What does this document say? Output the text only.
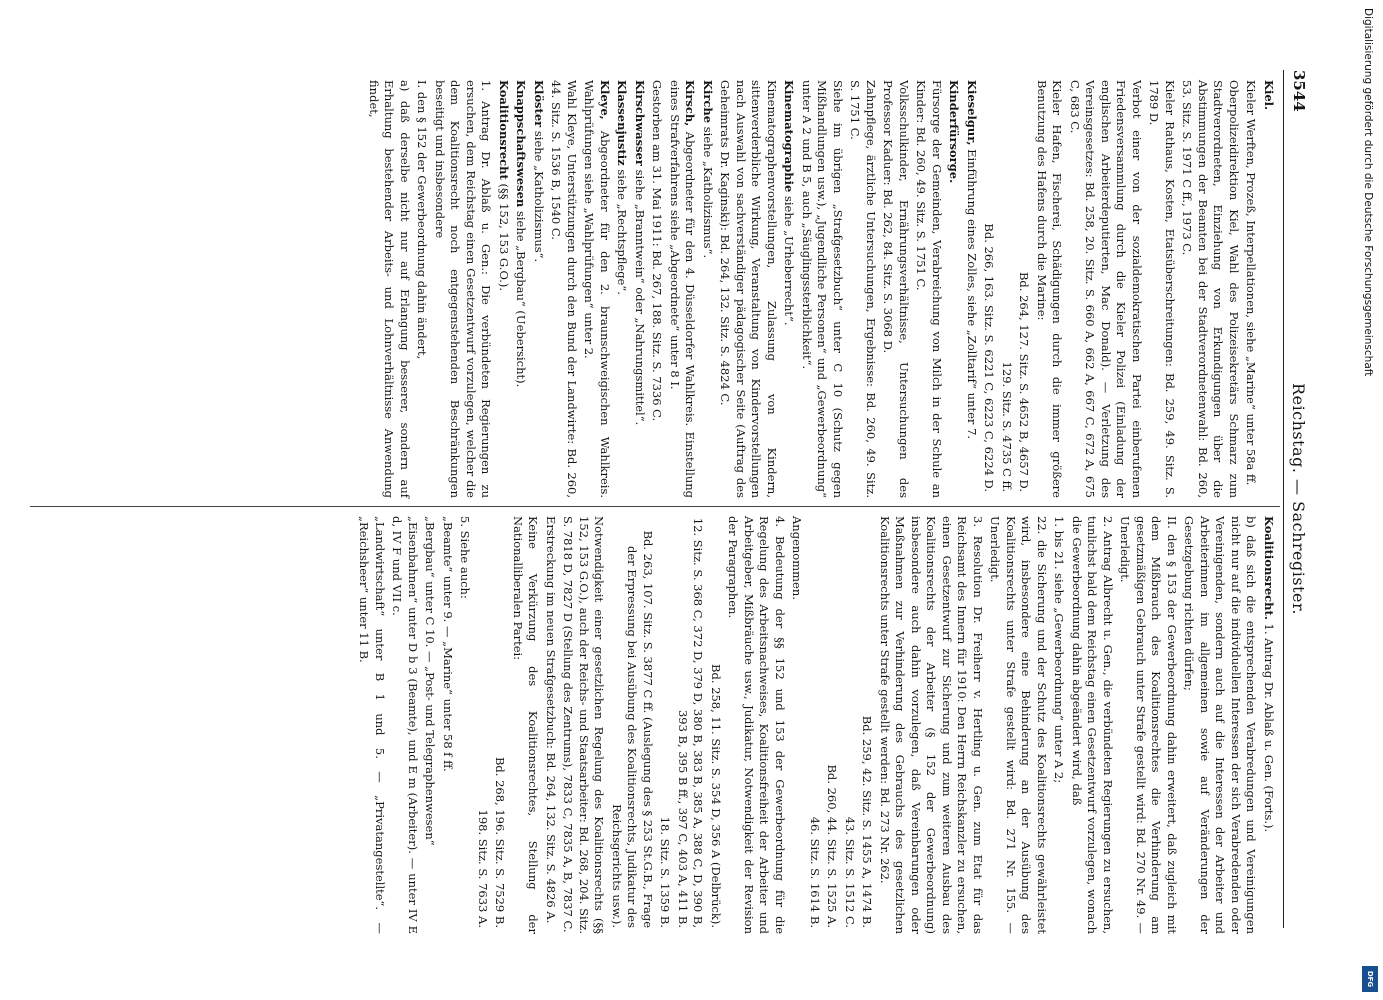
3544
Reichstag. — Sachregister.

Kiel.

Kieler Werften, Prozeß, Interpellationen, siehe „Marine“ unter 58a ff.

Oberpolizeidirektion Kiel, Wahl des Polizeisekretärs Schmarz zum Stadtverordneten, Einziehung von Erkundigungen über die Abstimmungen der Beamten bei der Stadtverordnetenwahl: Bd. 260, 53. Sitz. S. 1971 C ff., 1973 C.

Kieler Rathaus, Kosten, Etatsüberschreitungen: Bd. 259, 49. Sitz. S. 1789 D.

Verbot einer von der sozialdemokratischen Partei einberufenen Friedensversammlung durch die Kieler Polizei (Einladung der englischen Arbeiterdeputierten, Mac Donald). — Verletzung des Vereinsgesetzes: Bd. 258, 20. Sitz. S. 660 A, 662 A, 667 C, 672 A, 675 C, 683 C.

Kieler Hafen, Fischerei, Schädigungen durch die immer größere Benutzung des Hafens durch die Marine:

Bd. 264, 127. Sitz. S. 4652 B, 4657 D.

129. Sitz. S. 4735 C ff.

Bd. 266, 163. Sitz. S. 6221 C, 6223 C, 6224 D.

Kieselgur, Einführung eines Zolles, siehe „Zolltarif“ unter 7.

Kinderfürsorge.

Fürsorge der Gemeinden, Verabreichung von Milch in der Schule an Kinder: Bd. 260, 49. Sitz. S. 1751 C.

Volksschulkinder, Ernährungsverhältnisse, Untersuchungen des Professor Kaduer: Bd. 262, 84. Sitz. S. 3068 D.

Zahnpflege, ärztliche Untersuchungen, Ergebnisse: Bd. 260, 49. Sitz. S. 1751 C.

Siehe im übrigen „Strafgesetzbuch“ unter C 10 (Schutz gegen Mißhandlungen usw.), „Jugendliche Personen“ und „Gewerbeordnung“ unter A 2 und B 5, auch „Säuglingssterblichkeit“.

Kinematographie siehe „Urheberrecht“.

Kinematographenvorstellungen, Zulassung von Kindern, sittenverderbliche Wirkung, Veranstaltung von Kindervorstellungen nach Auswahl von sachverständiger pädagogischer Seite (Auftrag des Geheimrats Dr. Kaginski): Bd. 264, 132. Sitz. S. 4824 C.

Kirche siehe „Katholizismus“.

Kirsch, Abgeordneter für den 4. Düsseldorfer Wahlkreis. Einstellung eines Strafverfahrens siehe „Abgeordnete“ unter 8 I.

Gestorben am 31. Mai 1911: Bd. 267, 188. Sitz. S. 7336 C.

Kirschwasser siehe „Branntwein“ oder „Nahrungsmittel“.

Klassenjustiz siehe „Rechtspflege“.

Kleye, Abgeordneter für den 2. braunschweigischen Wahlkreis. Wahlprüfungen siehe „Wahlprüfungen“ unter 2.

Wahl Kleye, Unterstützungen durch den Bund der Landwirte: Bd. 260, 44. Sitz. S. 1536 B, 1540 C.

Klöster siehe „Katholizismus“.

Knappschaftswesen siehe „Bergbau“ (Uebersicht).

Koalitionsrecht (§§ 152, 153 G.O.).

1. Antrag Dr. Ablaß u. Gen.: Die verbündeten Regierungen zu ersuchen, dem Reichstag einen Gesetzentwurf vorzulegen, welcher die dem Koalitionsrecht noch entgegenstehenden Beschränkungen beseitigt und insbesondere

I. den § 152 der Gewerbeordnung dahin ändert,

a) daß derselbe nicht nur auf Erlangung besserer, sondern auf Erhaltung bestehender Arbeits- und Lohnverhältnisse Anwendung findet,

Koalitionsrecht. 1. Antrag Dr. Ablaß u. Gen. (Forts.).

b) daß sich die entsprechenden Verabredungen und Vereinigungen nicht nur auf die individuellen Interessen der sich Verabredenden oder Vereinigenden, sondern auch auf die Interessen der Arbeiter und Arbeiterinnen im allgemeinen sowie auf Veränderungen der Gesetzgebung richten dürfen;

II. den § 153 der Gewerbeordnung dahin erweitert, daß zugleich mit dem Mißbrauch des Koalitionsrechtes die Verhinderung am gesetzmäßigen Gebrauch unter Strafe gestellt wird: Bd. 270 Nr. 49. — Unerledigt.

2. Antrag Albrecht u. Gen., die verbündeten Regierungen zu ersuchen, tunlichst bald dem Reichstag einen Gesetzentwurf vorzulegen, wonach die Gewerbeordnung dahin abgeändert wird, daß

1. bis 21. siehe „Gewerbeordnung“ unter A 2;

22. die Sicherung und der Schutz des Koalitionsrechts gewährleistet wird, insbesondere eine Behinderung an der Ausübung des Koalitionsrechts unter Strafe gestellt wird: Bd. 271 Nr. 155. — Unerledigt.

3. Resolution Dr. Freiherr v. Hertling u. Gen. zum Etat für das Reichsamt des Innern für 1910: Den Herrn Reichskanzler zu ersuchen, einen Gesetzentwurf zur Sicherung und zum weiteren Ausbau des Koalitionsrechts der Arbeiter (§ 152 der Gewerbeordnung) insbesondere auch dahin vorzulegen, daß Vereinbarungen oder Maßnahmen zur Verhinderung des Gebrauchs des gesetzlichen Koalitionsrechts unter Strafe gestellt werden: Bd. 273 Nr. 262.

Bd. 259, 42. Sitz. S. 1455 A, 1474 B.

43. Sitz. S. 1512 C.

Bd. 260, 44. Sitz. S. 1525 A.

46. Sitz. S. 1614 B.

Angenommen.

4. Bedeutung der §§ 152 und 153 der Gewerbeordnung für die Regelung des Arbeitsnachweises, Koalitionsfreiheit der Arbeiter und Arbeitgeber, Mißbräuche usw., Judikatur, Notwendigkeit der Revision der Paragraphen.

Bd. 258, 11. Sitz. S. 354 D, 356 A (Delbrück).

12. Sitz. S. 368 C, 372 D, 379 D, 380 B, 383 B, 385 A, 388 C, D, 390 B, 393 B, 395 B ff., 397 C, 403 A, 411 B.

18. Sitz. S. 1359 B.

Bd. 263, 107. Sitz. S. 3877 C ff. (Auslegung des § 253 St.G.B., Frage der Erpressung bei Ausübung des Koalitionsrechts, Judikatur des Reichsgerichts usw.).

Notwendigkeit einer gesetzlichen Regelung des Koalitionsrechts (§§ 152, 153 G.O.), auch der Reichs- und Staatsarbeiter: Bd. 268, 204. Sitz. S. 7818 D, 7827 D (Stellung des Zentrums), 7833 C, 7835 A, B, 7837 C.

Erstreckung im neuen Strafgesetzbuch: Bd. 264, 132. Sitz. S. 4826 A.

Keine Verkürzung des Koalitionsrechtes, Stellung der Nationalliberalen Partei:

Bd. 268, 196. Sitz. S. 7529 B.

198. Sitz. S. 7633 A.

5. Siehe auch:

„Beamte“ unter 9. — „Marine“ unter 58 f ff.

„Bergbau“ unter C 10. — „Post- und Telegraphenwesen“

„Eisenbahnen“ unter D b 3 (Beamte), und E m (Arbeiter). — unter IV E d, IV F und VII c.

„Landwirtschaft“ unter B 1 und 5. — „Privatangestellte“. — „Reichsheer“ unter 11 B.

Digitalisierung gefördert durch die Deutsche Forschungsgemeinschaft
DFG
